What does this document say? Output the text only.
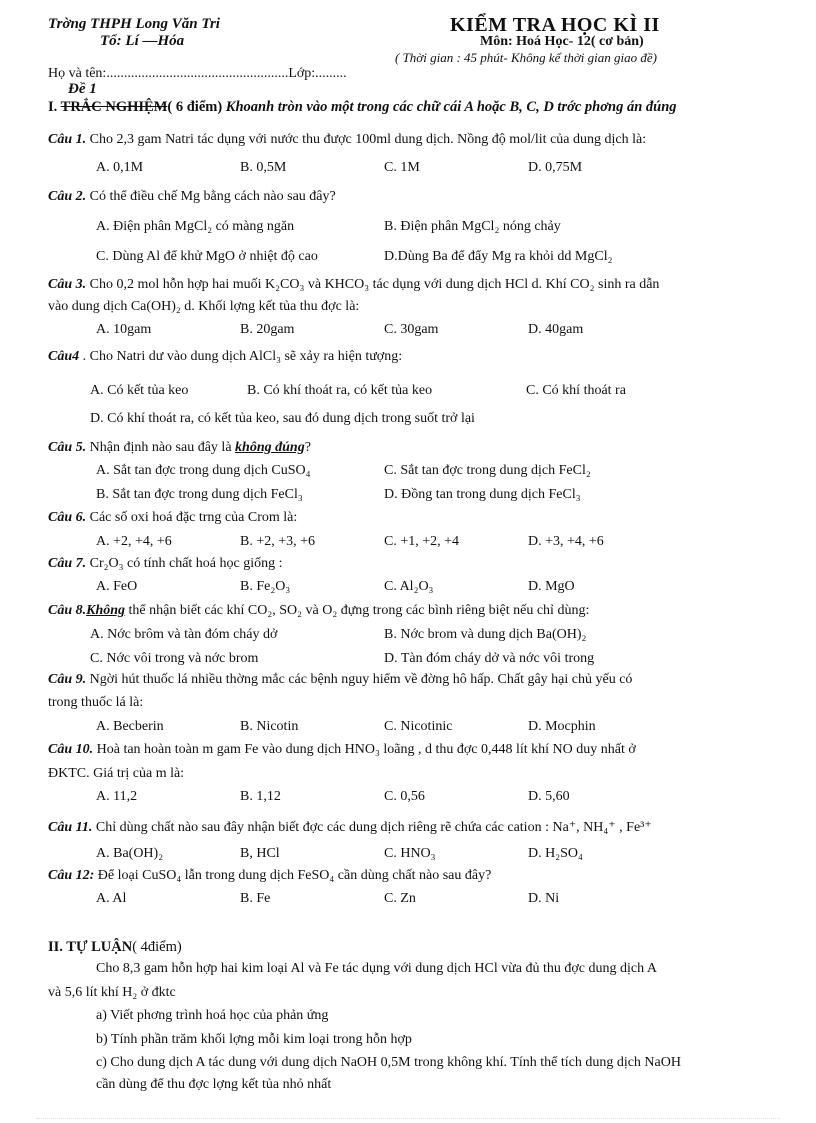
Trờng THPH Long Văn Tri
Tổ: Lí —Hóa
KIỂM TRA HỌC KÌ II
Môn: Hoá Học- 12( cơ bản)
( Thời gian : 45 phút- Không kể thời gian giao đề)
Họ và tên:....................................................Lớp:.........
Đề 1
I. TRẮC NGHIỆM( 6 điểm) Khoanh tròn vào một trong các chữ cái A hoặc B, C, D trớc phơng án đúng
Câu 1. Cho 2,3 gam Natri tác dụng với nước thu được 100ml dung dịch. Nồng độ mol/lit của dung dịch là:
A. 0,1M	B. 0,5M	C. 1M	D. 0,75M
Câu 2. Có thể điều chế Mg bằng cách nào sau đây?
A. Điện phân MgCl₂ có màng ngăn	B. Điện phân MgCl₂ nóng chảy
C. Dùng Al để khử MgO ở nhiệt độ cao	D.Dùng Ba để đẩy Mg ra khỏi dd MgCl₂
Câu 3. Cho 0,2 mol hỗn hợp hai muối K₂CO₃ và KHCO₃ tác dụng với dung dịch HCl d. Khí CO₂ sinh ra dẫn
vào dung dịch Ca(OH)₂ d. Khối lợng kết tủa thu đợc là:
A. 10gam	B. 20gam	C. 30gam	D. 40gam
Câu4 . Cho Natri dư vào dung dịch AlCl₃ sẽ xảy ra hiện tượng:
A. Có kết tủa keo	B. Có khí thoát ra, có kết tủa keo	C. Có khí thoát ra
D. Có khí thoát ra, có kết tủa keo, sau đó dung dịch trong suốt trở lại
Câu 5. Nhận định nào sau đây là không đúng?
A. Sắt tan đợc trong dung dịch CuSO₄	C. Sắt tan đợc trong dung dịch FeCl₂
B. Sắt tan đợc trong dung dịch FeCl₃	D. Đồng tan trong dung dịch FeCl₃
Câu 6. Các số oxi hoá đặc trng của Crom là:
A. +2, +4, +6	B. +2, +3, +6	C. +1, +2, +4	D. +3, +4, +6
Câu 7. Cr₂O₃ có tính chất hoá học giống :
A. FeO	B. Fe₂O₃	C. Al₂O₃	D. MgO
Câu 8.Không thể nhận biết các khí CO₂, SO₂ và O₂ đựng trong các bình riêng biệt nếu chỉ dùng:
A. Nớc brôm và tàn đóm cháy dở	B. Nớc brom và dung dịch Ba(OH)₂
C. Nớc vôi trong và nớc brom	D. Tàn đóm cháy dở và nớc vôi trong
Câu 9. Ngời hút thuốc lá nhiều thờng mắc các bệnh nguy hiểm về đờng hô hấp. Chất gây hại chủ yếu có
trong thuốc lá là:
A. Becberin	B. Nicotin	C. Nicotinic	D. Mocphin
Câu 10. Hoà tan hoàn toàn m gam Fe vào dung dịch HNO₃ loãng , d thu đợc 0,448 lít khí NO duy nhất ở
ĐKTC. Giá trị của m là:
A. 11,2	B. 1,12	C. 0,56	D. 5,60
Câu 11. Chỉ dùng chất nào sau đây nhận biết đợc các dung dịch riêng rẽ chứa các cation : Na⁺, NH₄⁺ , Fe³⁺
A. Ba(OH)₂	B, HCl	C. HNO₃	D. H₂SO₄
Câu 12: Để loại CuSO₄ lẫn trong dung dịch FeSO₄ cần dùng chất nào sau đây?
A. Al	B. Fe	C. Zn	D. Ni
II. TỰ LUẬN( 4điểm)
Cho 8,3 gam hỗn hợp hai kim loại Al và Fe tác dụng với dung dịch HCl vừa đủ thu đợc dung dịch A
và 5,6 lít khí H₂ ở đktc
a) Viết phơng trình hoá học của phản ứng
b) Tính phần trăm khối lợng mỗi kim loại trong hỗn hợp
c) Cho dung dịch A tác dung với dung dịch NaOH 0,5M trong không khí. Tính thể tích dung dịch NaOH
cần dùng để thu đợc lợng kết tủa nhỏ nhất
